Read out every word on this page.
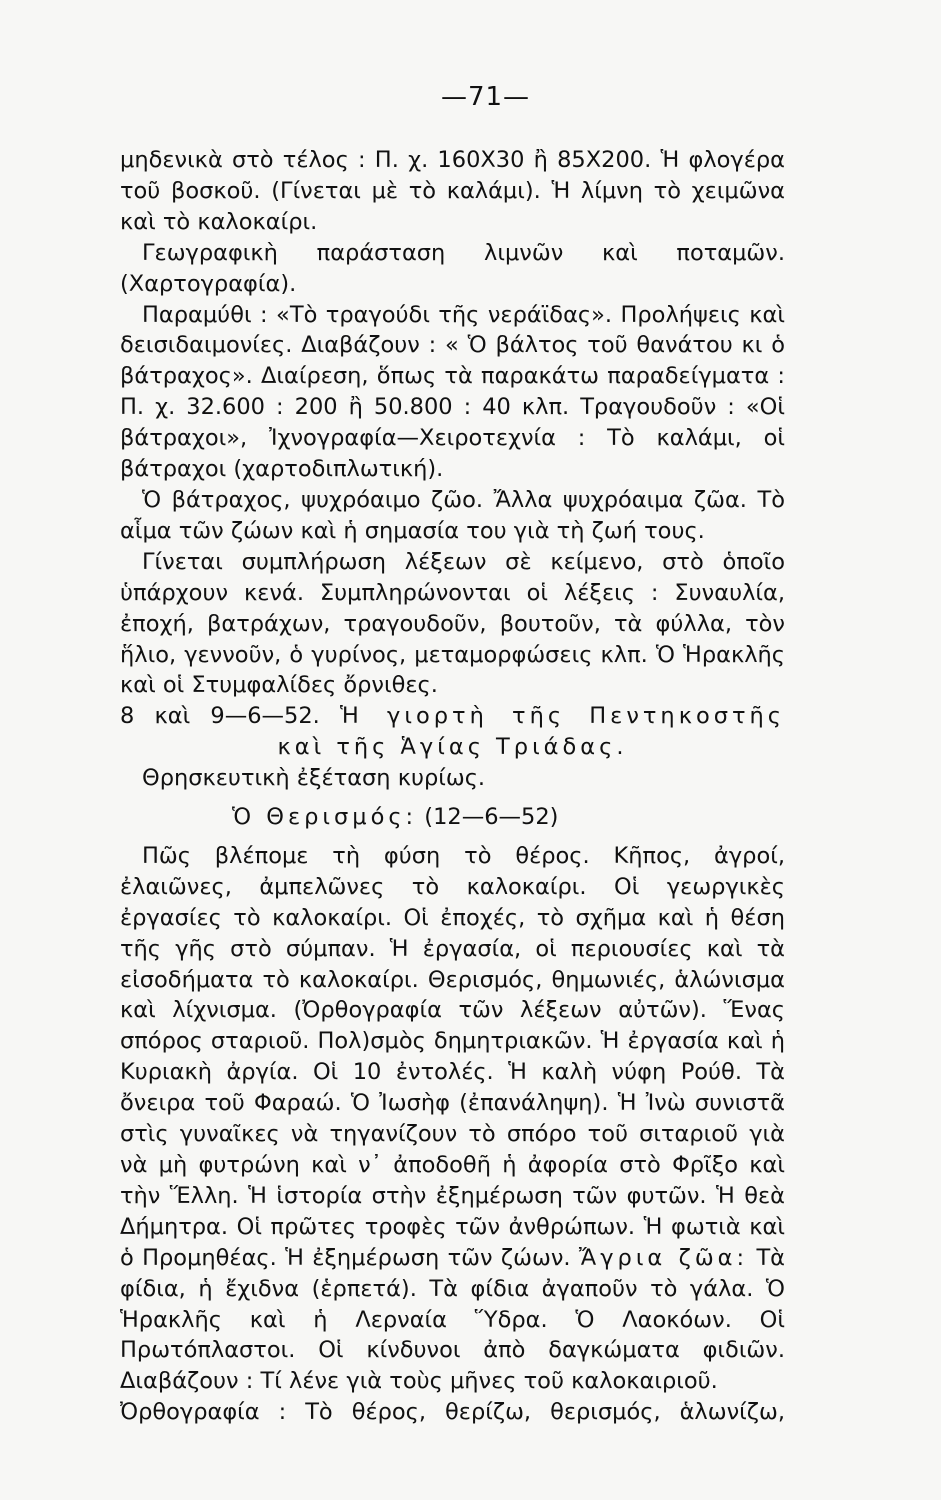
—71—

μηδενικὰ στὸ τέλος : Π. χ. 160Χ30 ἢ 85Χ200. Ἡ φλογέρα τοῦ βοσκοῦ. (Γίνεται μὲ τὸ καλάμι). Ἡ λίμνη τὸ χειμῶνα καὶ τὸ καλοκαίρι.

Γεωγραφικὴ παράσταση λιμνῶν καὶ ποταμῶν. (Χαρτογραφία).

Παραμύθι : «Τὸ τραγούδι τῆς νεράϊδας». Προλήψεις καὶ δεισιδαιμονίες. Διαβάζουν : « Ὁ βάλτος τοῦ θανάτου κι ὁ βάτραχος». Διαίρεση, ὅπως τὰ παρακάτω παραδείγματα : Π. χ. 32.600 : 200 ἢ 50.800 : 40 κλπ. Τραγουδοῦν : «Οἱ βάτραχοι», Ἰχνογραφία—Χειροτεχνία : Τὸ καλάμι, οἱ βάτραχοι (χαρτοδιπλωτική).

Ὁ βάτραχος, ψυχρόαιμο ζῶο. Ἄλλα ψυχρόαιμα ζῶα. Τὸ αἷμα τῶν ζώων καὶ ἡ σημασία του γιὰ τὴ ζωή τους.

Γίνεται συμπλήρωση λέξεων σὲ κείμενο, στὸ ὁποῖο ὑπάρχουν κενά. Συμπληρώνονται οἱ λέξεις : Συναυλία, ἐποχή, βατράχων, τραγουδοῦν, βουτοῦν, τὰ φύλλα, τὸν ἥλιο, γεννοῦν, ὁ γυρίνος, μεταμορφώσεις κλπ. Ὁ Ἡρακλῆς καὶ οἱ Στυμφαλίδες ὄρνιθες.

8 καὶ 9—6—52. Ἡ γιορτὴ τῆς Πεντηκοστῆς

καὶ τῆς Ἁγίας Τριάδας.

Θρησκευτικὴ ἐξέταση κυρίως.

Ὁ Θερισμός: (12—6—52)

Πῶς βλέπομε τὴ φύση τὸ θέρος. Κῆπος, ἀγροί, ἐλαιῶνες, ἀμπελῶνες τὸ καλοκαίρι. Οἱ γεωργικὲς ἐργασίες τὸ καλοκαίρι. Οἱ ἐποχές, τὸ σχῆμα καὶ ἡ θέση τῆς γῆς στὸ σύμπαν. Ἡ ἐργασία, οἱ περιουσίες καὶ τὰ εἰσοδήματα τὸ καλοκαίρι. Θερισμός, θημωνιές, ἁλώνισμα καὶ λίχνισμα. (Ὀρθογραφία τῶν λέξεων αὐτῶν). Ἕνας σπόρος σταριοῦ. Πολ)σμὸς δημητριακῶν. Ἡ ἐργασία καὶ ἡ Κυριακὴ ἀργία. Οἱ 10 ἐντολές. Ἡ καλὴ νύφη Ρούθ. Τὰ ὄνειρα τοῦ Φαραώ. Ὁ Ἰωσὴφ (ἐπανάληψη). Ἡ Ἰνὼ συνιστᾶ στὶς γυναῖκες νὰ τηγανίζουν τὸ σπόρο τοῦ σιταριοῦ γιὰ νὰ μὴ φυτρώνη καὶ ν᾿ ἀποδοθῆ ἡ ἀφορία στὸ Φρῖξο καὶ τὴν Ἕλλη. Ἡ ἱστορία στὴν ἐξημέρωση τῶν φυτῶν. Ἡ θεὰ Δήμητρα. Οἱ πρῶτες τροφὲς τῶν ἀνθρώπων. Ἡ φωτιὰ καὶ ὁ Προμηθέας. Ἡ ἐξημέρωση τῶν ζώων. Ἄγρια ζῶα: Τὰ φίδια, ἡ ἔχιδνα (ἑρπετά). Τὰ φίδια ἀγαποῦν τὸ γάλα. Ὁ Ἡρακλῆς καὶ ἡ Λερναία Ὕδρα. Ὁ Λαοκόων. Οἱ Πρωτόπλαστοι. Οἱ κίνδυνοι ἀπὸ δαγκώματα φιδιῶν. Διαβάζουν : Τί λένε γιὰ τοὺς μῆνες τοῦ καλοκαιριοῦ.

Ὀρθογραφία : Τὸ θέρος, θερίζω, θερισμός, ἁλωνίζω,
